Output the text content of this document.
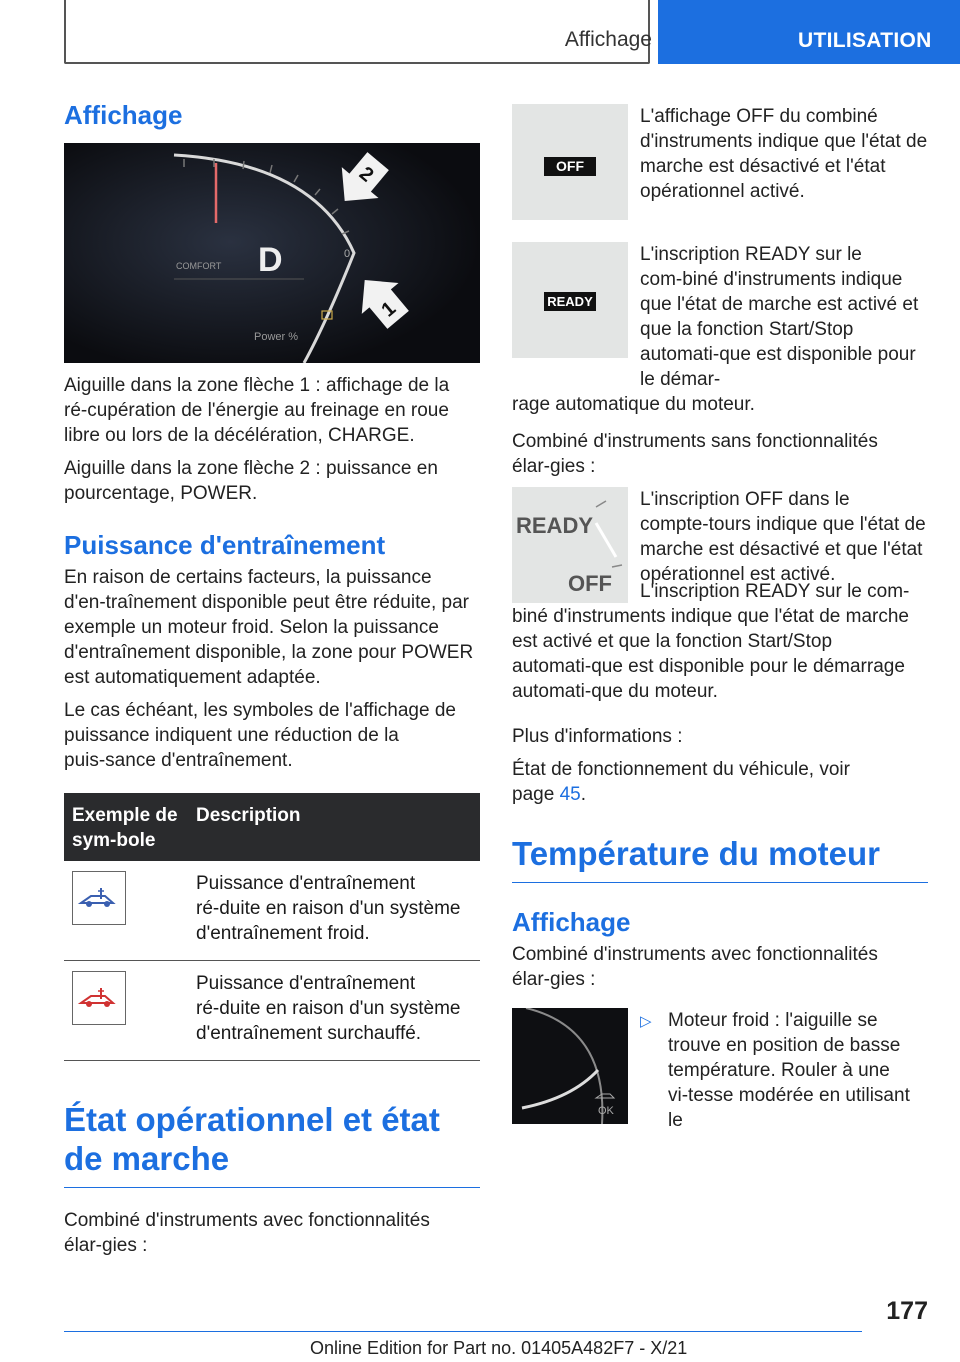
Affichage	UTILISATION
Affichage
COMFORT D	0
Power %
2
1

Aiguille dans la zone flèche 1 : affichage de la ré‑cupération de l'énergie au freinage en roue libre ou lors de la décélération, CHARGE.

Aiguille dans la zone flèche 2 : puissance en pourcentage, POWER.

Puissance d'entraînement

En raison de certains facteurs, la puissance d'en‑traînement disponible peut être réduite, par exemple un moteur froid. Selon la puissance d'entraînement disponible, la zone pour POWER est automatiquement adaptée.

Le cas échéant, les symboles de l'affichage de puissance indiquent une réduction de la puis‑sance d'entraînement.

Exemple de sym‑bole	Description

	Puissance d'entraînement ré‑duite en raison d'un système d'entraînement froid.

	Puissance d'entraînement ré‑duite en raison d'un système d'entraînement surchauffé.
État opérationnel et état de marche

Combiné d'instruments avec fonctionnalités élar‑gies :

OFF

L'affichage OFF du combiné d'instruments indique que l'état de marche est désactivé et l'état opérationnel activé.

READY

L'inscription READY sur le com‑biné d'instruments indique que l'état de marche est activé et que la fonction Start/Stop automati‑que est disponible pour le démar‑

rage automatique du moteur.

Combiné d'instruments sans fonctionnalités élar‑gies :

READY
OFF

L'inscription OFF dans le compte‑tours indique que l'état de marche est désactivé et que l'état opérationnel est activé.

L'inscription READY sur le com‑

biné d'instruments indique que l'état de marche est activé et que la fonction Start/Stop automati‑que est disponible pour le démarrage automati‑que du moteur.

Plus d'informations :

État de fonctionnement du véhicule, voir

page 45.

Température du moteur
Affichage

Combiné d'instruments avec fonctionnalités élar‑gies :

OK
▷ Moteur froid : l'aiguille se trouve en position de basse température. Rouler à une vi‑tesse modérée en utilisant le

177
Online Edition for Part no. 01405A482F7 - X/21
